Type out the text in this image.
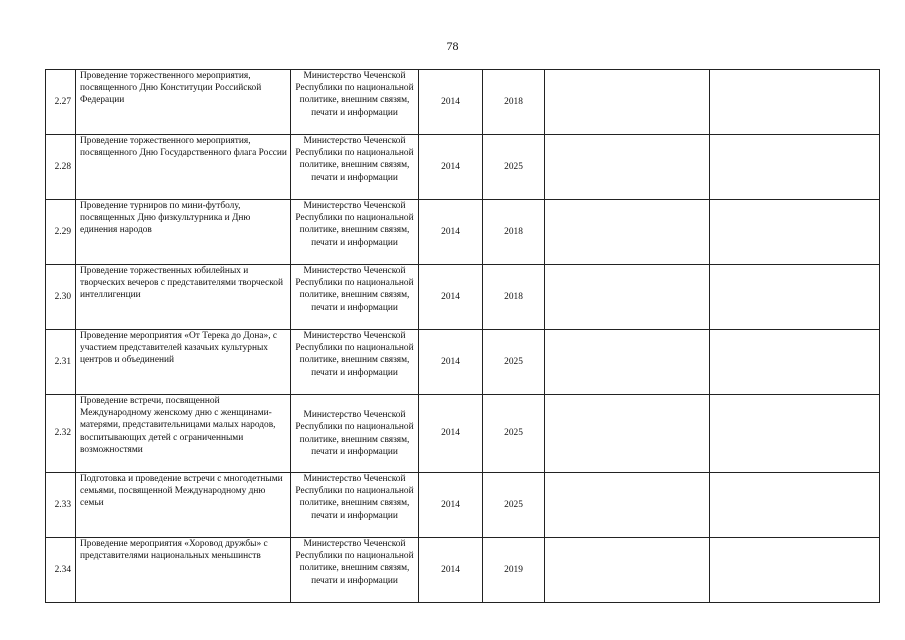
78
2.27	Проведение торжественного мероприятия, посвященного Дню Конституции Российской Федерации	Министерство Чеченской Республики по национальной политике, внешним связям, печати и информации	2014	2018		
2.28	Проведение торжественного мероприятия, посвященного Дню Государственного флага России	Министерство Чеченской Республики по национальной политике, внешним связям, печати и информации	2014	2025		
2.29	Проведение турниров по мини-футболу, посвященных Дню физкультурника и Дню единения народов	Министерство Чеченской Республики по национальной политике, внешним связям, печати и информации	2014	2018		
2.30	Проведение торжественных юбилейных и творческих вечеров с представителями творческой интеллигенции	Министерство Чеченской Республики по национальной политике, внешним связям, печати и информации	2014	2018		
2.31	Проведение мероприятия «От Терека до Дона», с участием представителей казачьих культурных центров и объединений	Министерство Чеченской Республики по национальной политике, внешним связям, печати и информации	2014	2025		
2.32	Проведение встречи, посвященной Международному женскому дню с женщинами-матерями, представительницами малых народов, воспитывающих детей с ограниченными возможностями	Министерство Чеченской Республики по национальной политике, внешним связям, печати и информации	2014	2025		
2.33	Подготовка и проведение встречи с многодетными семьями, посвященной Международному дню семьи	Министерство Чеченской Республики по национальной политике, внешним связям, печати и информации	2014	2025		
2.34	Проведение мероприятия «Хоровод дружбы» с представителями национальных меньшинств	Министерство Чеченской Республики по национальной политике, внешним связям, печати и информации	2014	2019		
